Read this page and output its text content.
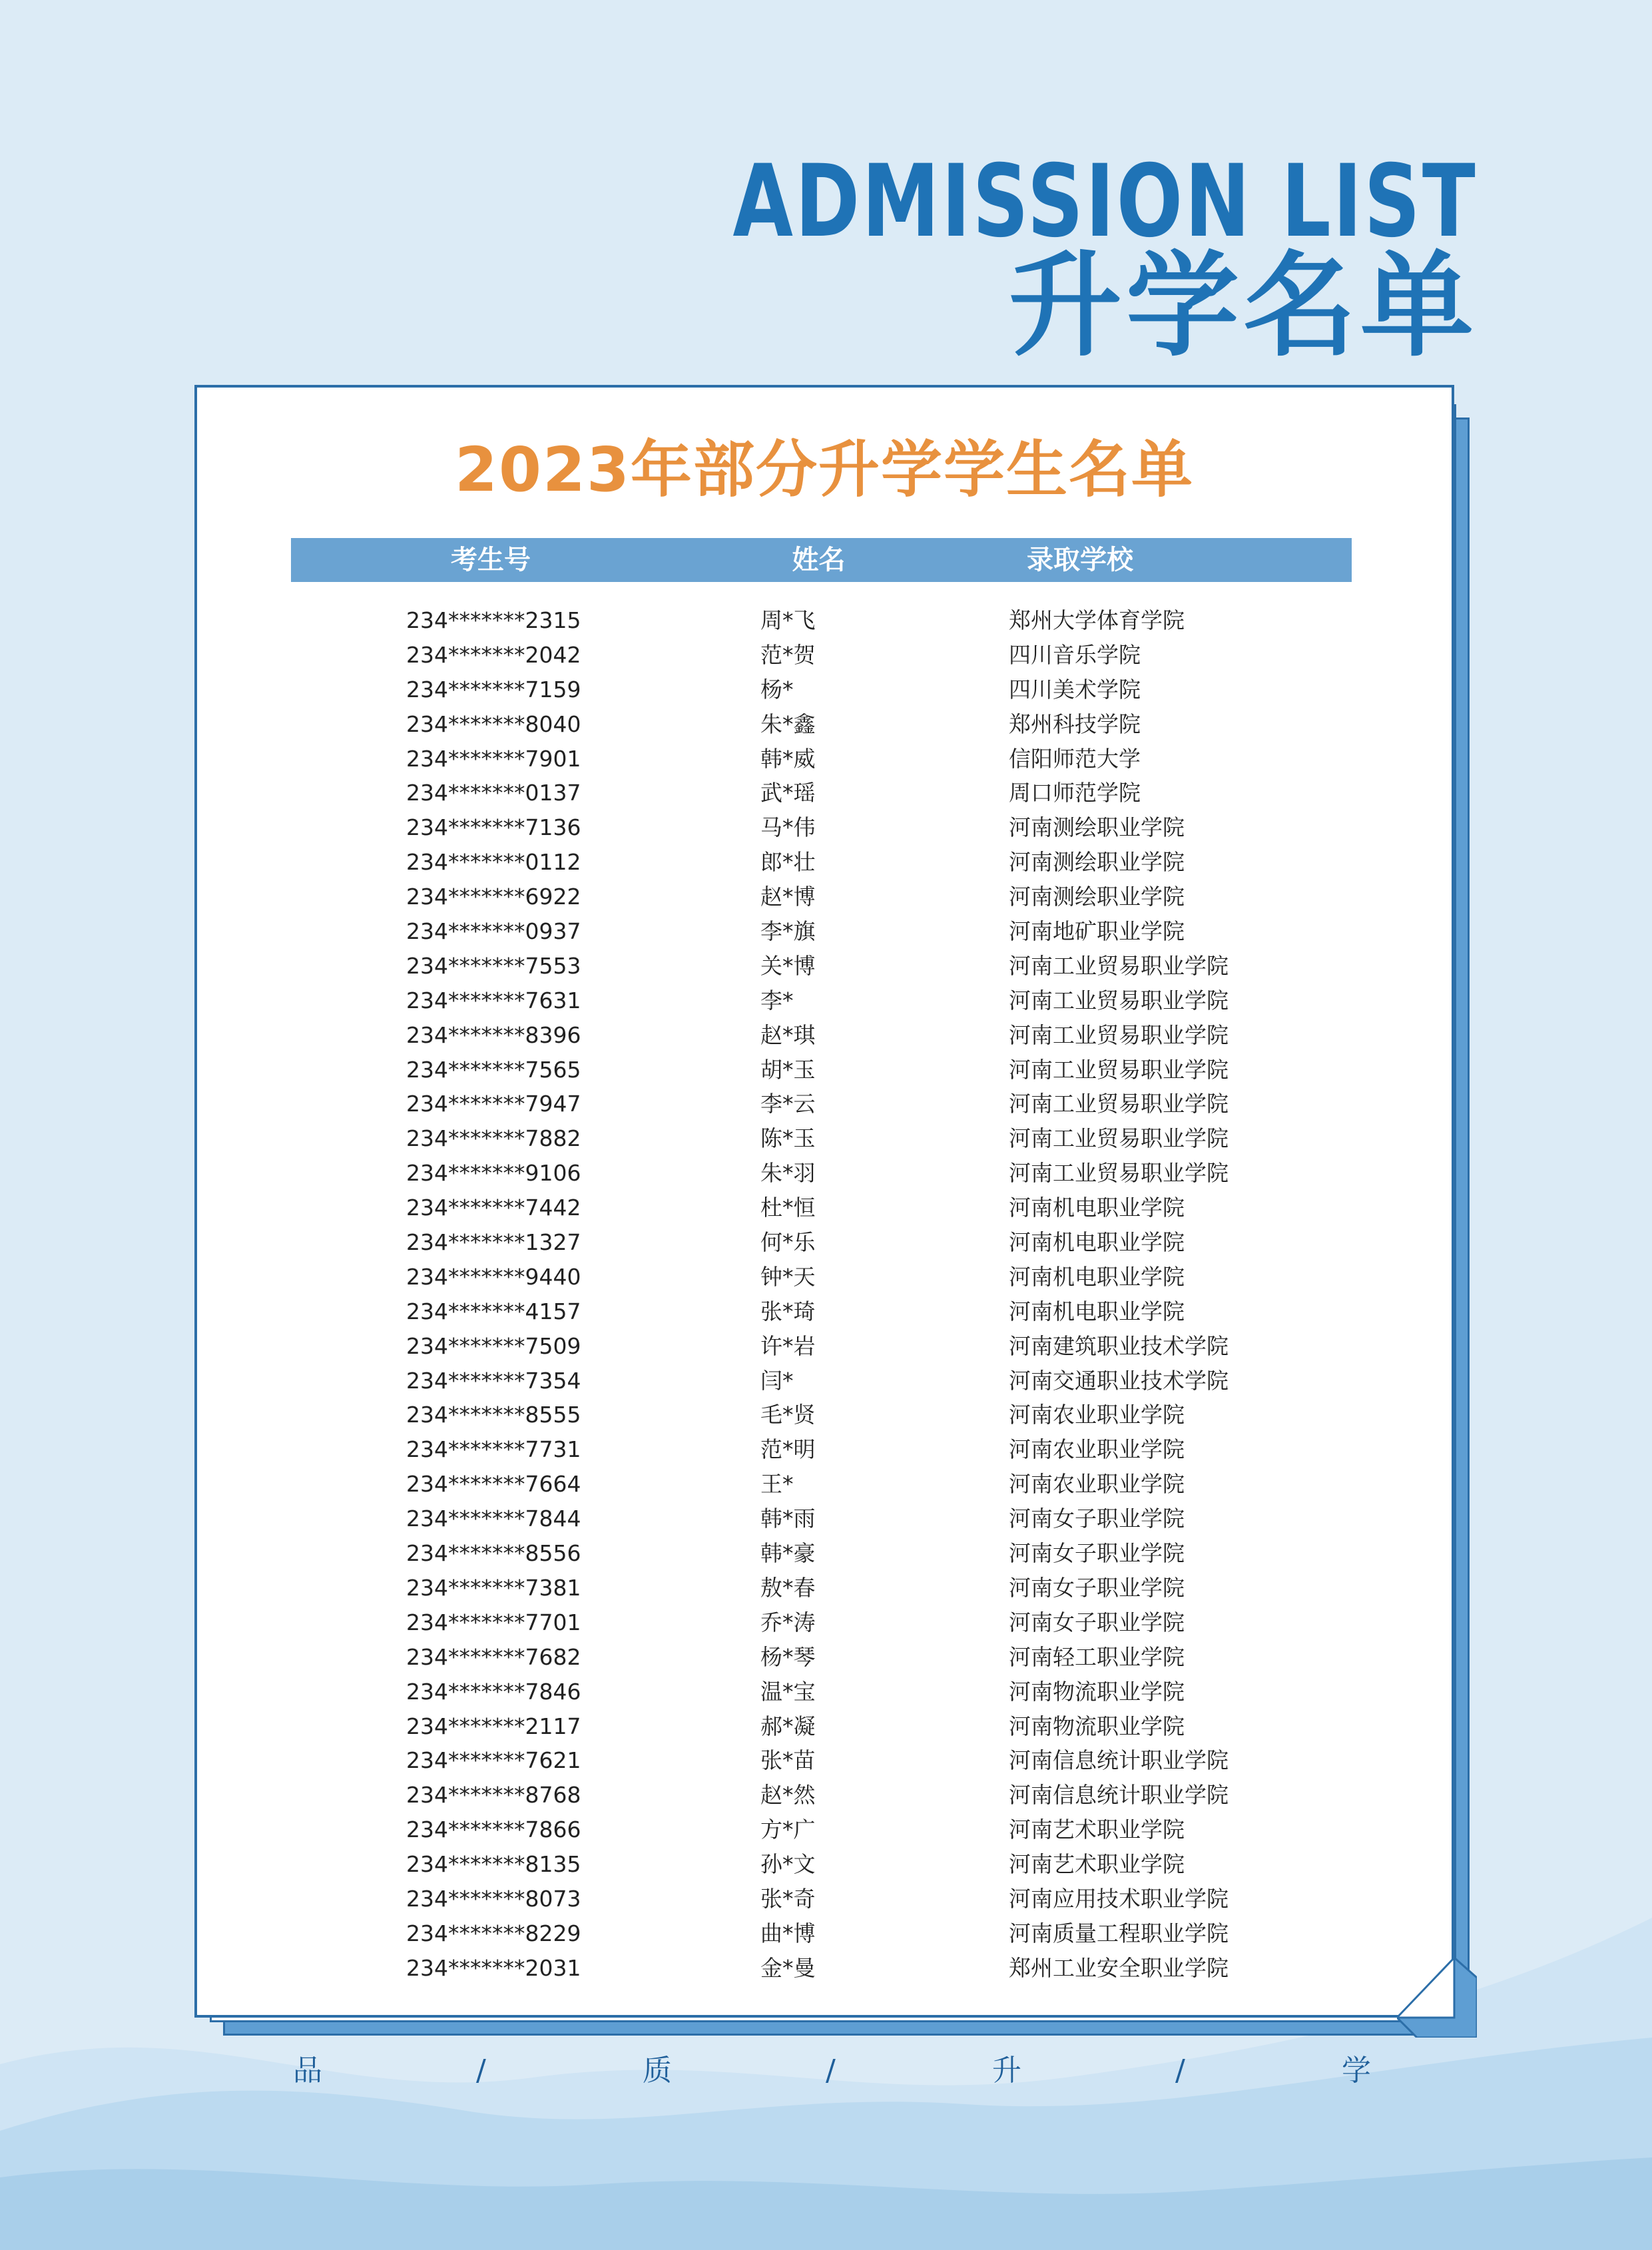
ADMISSION LIST
升学名单
2023年部分升学学生名单
考生号	姓名	录取学校
234*******2315	周*飞	郑州大学体育学院
234*******2042	范*贺	四川音乐学院
234*******7159	杨*	四川美术学院
234*******8040	朱*鑫	郑州科技学院
234*******7901	韩*威	信阳师范大学
234*******0137	武*瑶	周口师范学院
234*******7136	马*伟	河南测绘职业学院
234*******0112	郎*壮	河南测绘职业学院
234*******6922	赵*博	河南测绘职业学院
234*******0937	李*旗	河南地矿职业学院
234*******7553	关*博	河南工业贸易职业学院
234*******7631	李*	河南工业贸易职业学院
234*******8396	赵*琪	河南工业贸易职业学院
234*******7565	胡*玉	河南工业贸易职业学院
234*******7947	李*云	河南工业贸易职业学院
234*******7882	陈*玉	河南工业贸易职业学院
234*******9106	朱*羽	河南工业贸易职业学院
234*******7442	杜*恒	河南机电职业学院
234*******1327	何*乐	河南机电职业学院
234*******9440	钟*天	河南机电职业学院
234*******4157	张*琦	河南机电职业学院
234*******7509	许*岩	河南建筑职业技术学院
234*******7354	闫*	河南交通职业技术学院
234*******8555	毛*贤	河南农业职业学院
234*******7731	范*明	河南农业职业学院
234*******7664	王*	河南农业职业学院
234*******7844	韩*雨	河南女子职业学院
234*******8556	韩*豪	河南女子职业学院
234*******7381	敖*春	河南女子职业学院
234*******7701	乔*涛	河南女子职业学院
234*******7682	杨*琴	河南轻工职业学院
234*******7846	温*宝	河南物流职业学院
234*******2117	郝*凝	河南物流职业学院
234*******7621	张*苗	河南信息统计职业学院
234*******8768	赵*然	河南信息统计职业学院
234*******7866	方*广	河南艺术职业学院
234*******8135	孙*文	河南艺术职业学院
234*******8073	张*奇	河南应用技术职业学院
234*******8229	曲*博	河南质量工程职业学院
234*******2031	金*曼	郑州工业安全职业学院
品	/	质	/	升	/	学
